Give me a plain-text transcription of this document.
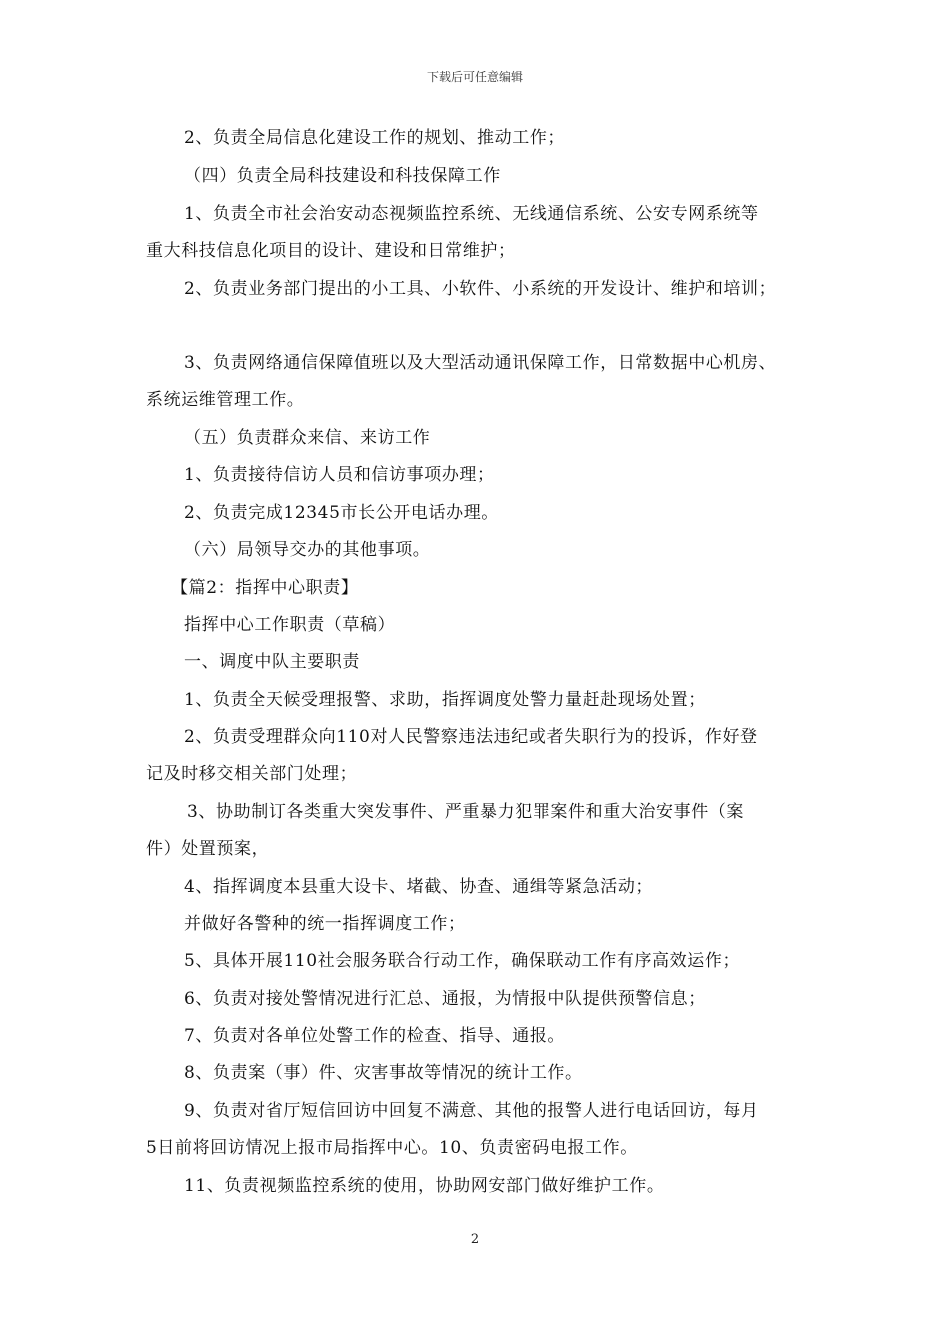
下载后可任意编辑
2、负责全局信息化建设工作的规划、推动工作；
（四）负责全局科技建设和科技保障工作
1、负责全市社会治安动态视频监控系统、无线通信系统、公安专网系统等
重大科技信息化项目的设计、建设和日常维护；
2、负责业务部门提出的小工具、小软件、小系统的开发设计、维护和培训；
3、负责网络通信保障值班以及大型活动通讯保障工作，日常数据中心机房、
系统运维管理工作。
（五）负责群众来信、来访工作
1、负责接待信访人员和信访事项办理；
2、负责完成12345市长公开电话办理。
（六）局领导交办的其他事项。
【篇2：指挥中心职责】
指挥中心工作职责（草稿）
一、调度中队主要职责
1、负责全天候受理报警、求助，指挥调度处警力量赶赴现场处置；
2、负责受理群众向110对人民警察违法违纪或者失职行为的投诉，作好登
记及时移交相关部门处理；
3、协助制订各类重大突发事件、严重暴力犯罪案件和重大治安事件（案
件）处置预案，
4、指挥调度本县重大设卡、堵截、协查、通缉等紧急活动；
并做好各警种的统一指挥调度工作；
5、具体开展110社会服务联合行动工作，确保联动工作有序高效运作；
6、负责对接处警情况进行汇总、通报，为情报中队提供预警信息；
7、负责对各单位处警工作的检查、指导、通报。
8、负责案（事）件、灾害事故等情况的统计工作。
9、负责对省厅短信回访中回复不满意、其他的报警人进行电话回访，每月
5日前将回访情况上报市局指挥中心。10、负责密码电报工作。
11、负责视频监控系统的使用，协助网安部门做好维护工作。
2
